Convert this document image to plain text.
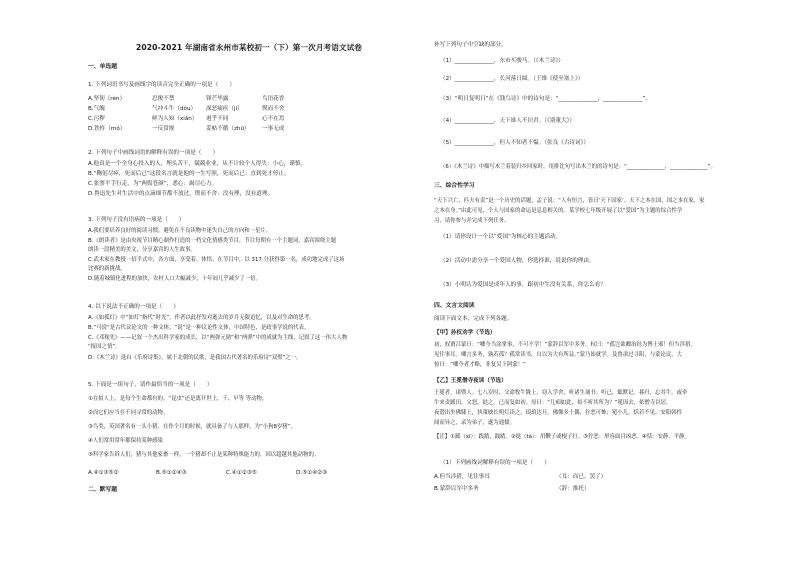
2020-2021 年湖南省永州市某校初一（下）第一次月考语文试卷
一、单选题
1. 下列词语书写及画线字的读音完全正确的一项是（　　）
A.坚韧（rèn）	忍俊不禁	锋芒毕露	鸟语花香
B.气魄	气冲斗牛（dǒu） 深恶痛疾（jí）	锲而不舍
C.污秽	鲜为人知（xiǎn） 迥乎不同	心不在焉
D.铁杵（mó）	一反常规	妥帖不循（zhū） 一事无成
2. 下列句子中画线词语的解释有误的一项是（　　）
A.他真是一个全身心投入的人，埋头苦干，兢兢业业，从不计较个人得失：小心，谨慎。
B.“鞠躬尽瘁，死而后已”这段名言就是他的一生写照，死而后已：直到死才停止。
C.张謇平手行走，为“两鬓苍颜”，悉心：竭尽心力。
D.鲁迅先生对生活中的点滴细节都不放过，锲而不舍：没有理，没有道理。
3. 下列句子没有语病的一项是（　　）
A.我们要培养良好的阅读习惯，避免在不良读物中迷失自己的方向和一星片。
B.《朗读者》是由央视节目精心制作打造的一档文化情感类节目，节目每期有一个主题词，嘉宾围绕主题
朗读一段精美的美文，分享嘉宾的人生故事。
C.武术家在教授一招半式中，各方面，享受着、体悟，在节目中，以 317 分获得第一名，成功地完成了这场
比赛的新挑战。
D.随着城镇化进程的加快，农村人口大幅减少，十年间几乎减少了一倍。
4. 以下说法不正确的一项是（　　）
A.《如孤灯》中“如灯”指代“时光”，作者以此抒发对逝去的岁月无限追忆，以及对生命的思考。
B.“马说”是古代议论文的一种文体，“说”是一种议论性文体，中国特色，是政事学说的代表。
C.《邓稼先》——记叙一个杰出科学家的成长，以“两弹元勋”和“两弹”中的成就为主线，记叙了这一伟大人物
“报国之情”。
D.《木兰诗》选自《乐府诗集》，属于北朝的民歌，是我国古代著名的乐府诗“双璧”之一。
5. 下面是一组句子，请作最恰当的一项是（　　）
①在拟人上，是每个生命都有的。“昆虫”还是离开世上，千、早等 等动物。
②而它们应当在不同寻常的动物。
③鸟类，英国著名有一头小猪，在作个月的时候，就具备了与人那样，为“小狗8岁猪”。
④人们常用常年都保持某种感染
⑤科学家告诉人们，猪与其他家畜一样，一个猪却不止是某种特殊能力的，因以超越其他动物的。
A.④①③⑤②	B.⑤①②④③	C.④①②③⑤	D.⑤①④②③
二、默写题
补写下列句子中空缺的部分。
（1）______________，东市买骏马。（《木兰诗》）
（2）______________，长河落日圆。（王维《使至塞上》）
（3）“明日复明日”在《钱鸟诗》中的诗句是：“______________，______________”。
（4）______________，天下谁人不识君。（《别董大》）
（5）______________，但人不知者不愠。（张良《古诗词》）
（6）《木兰诗》中描写木兰着装归乡回家时，用排比句写出木兰的的诗句是：“______________，______________”。
三、综合性学习
“天下兴亡，匹夫有责”是一个历史的话题，孟子说：“人有恒言，皆曰‘天下国家’。天下之本在国，国之本在家，家
之本在身。”由此可见，个人与国家的命运是息息相关的。某学校七年级开展了以“爱国”为主题的综合性学
习，请你参与并完成下列任务。
（1）请你设计一个以“爱国”为核心的主题活动。
（2）活动中需分享一个爱国人物，你选择谁，说说你的理由。
（3）小明认为爱国是成年人的事，跟初中生没有关系，你怎么看？
四、文言文阅读
阅读下面文本，完成下列各题。
【甲】孙权劝学（节选）
初，权谓吕蒙曰：“卿今当涂掌事，不可不学！”蒙辞以军中多务。权曰：“孤岂欲卿治经为博士邪！但当涉猎，
见往事耳。卿言多务，孰若孤？孤常读书，自以为大有所益。”蒙乃始就学。及鲁肃过寻阳，与蒙论议，大
惊曰：“卿今者才略，非复吴下阿蒙！”
【乙】王冕僧寺夜读（节选）
王冕者，诸暨人。七八岁时，父命牧牛陇上，窃入学舍，听诸生诵书；听已，辄默记。暮归，忘其牛。或牵
牛来责蹊田，父怒，挞之。已而复如初。母曰：“儿痴如此，曷不听其所为？”冕因去，依僧寺以居。
夜潜出坐佛膝上，执策映长明灯读之，琅琅达旦。佛像多土偶，狞恶可怖；冕小儿，恬若不见。安阳韩性
闻而异之，录为弟子，遂为通儒。
【注】①蹊（xī）：践踏，践踏。②挞（tà）：用鞭子或棍子打。③狞恶：形容面目凶恶。④恬：安静，平静。
（1）下列画线词解释有误的一项是（　　）
A.但当涉猎，见往事耳	（耳：而已，罢了）
B.蒙辞以军中多务	（辞：推托）
